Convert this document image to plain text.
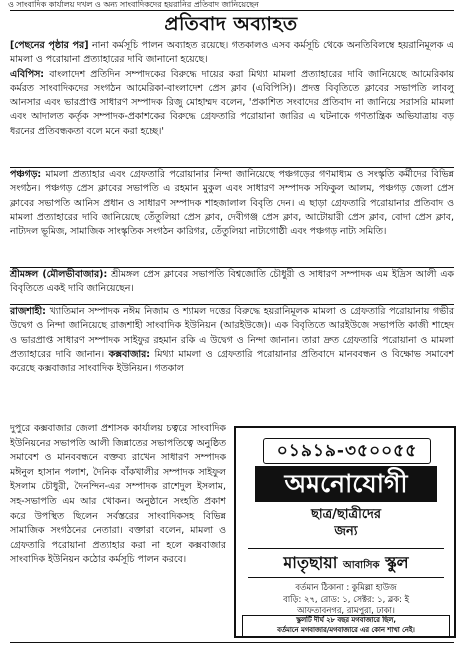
ও সাংবাদিক কার্যালয় দখল ও অন্য সাংবাদিকদের হয়রানির প্রতিবাদ জানিয়েছেন
প্রতিবাদ অব্যাহত

[পেছনের পৃষ্ঠার পর] নানা কর্মসূচি পালন অব্যাহত রয়েছে। গতকালও এসব কর্মসূচি থেকে অনতিবিলম্বে হয়রানিমূলক এ মামলা ও পরোয়ানা প্রত্যাহারের দাবি জানানো হয়েছে।

এবিপিস: বাংলাদেশ প্রতিদিন সম্পাদকের বিরুদ্ধে দায়ের করা মিথ্যা মামলা প্রত্যাহারের দাবি জানিয়েছে আমেরিকায় কর্মরত সাংবাদিকদের সংগঠন আমেরিকা-বাংলাদেশ প্রেস ক্লাব (এবিপিসি)। প্রদত্ত বিবৃতিতে ক্লাবের সভাপতি লাবলু আনসার এবং ভারপ্রাপ্ত সাধারণ সম্পাদক রিজু মোহাম্মদ বলেন, 'প্রকাশিত সংবাদের প্রতিবাদ না জানিয়ে সরাসরি মামলা এবং আদালত কর্তৃক সম্পাদক-প্রকাশকের বিরুদ্ধে গ্রেফতারি পরোয়ানা জারির এ ঘটনাকে গণতান্ত্রিক অভিযাত্রায় বড় ধরনের প্রতিবন্ধকতা বলে মনে করা হচ্ছে।'

পঞ্চগড়: মামলা প্রত্যাহার এবং গ্রেফতারি পরোয়ানার নিন্দা জানিয়েছে পঞ্চগড়ের গণমাধ্যম ও সংস্কৃতি কর্মীদের বিভিন্ন সংগঠন। পঞ্চগড় প্রেস ক্লাবের সভাপতি এ রহমান মুকুল এবং সাধারণ সম্পাদক সফিকুল আলম, পঞ্চগড় জেলা প্রেস ক্লাবের সভাপতি আনিস প্রধান ও সাধারণ সম্পাদক শাহজালাল বিবৃতি দেন। এ ছাড়া গ্রেফতারি পরোয়ানার প্রতিবাদ ও মামলা প্রত্যাহারের দাবি জানিয়েছে তেঁতুলিয়া প্রেস ক্লাব, দেবীগঞ্জ প্রেস ক্লাব, আটোয়ারী প্রেস ক্লাব, বোদা প্রেস ক্লাব, নাট্যদল ভূমিজ, সামাজিক সাংস্কৃতিক সংগঠন কারিগর, তেঁতুলিয়া নাট্যগোষ্ঠী এবং পঞ্চগড় নাট্য সমিতি।

শ্রীমঙ্গল (মৌলভীবাজার): শ্রীমঙ্গল প্রেস ক্লাবের সভাপতি বিশ্বজোতি চৌধুরী ও সাধারণ সম্পাদক এম ইদ্রিস আলী এক বিবৃতিতে একই দাবি জানিয়েছেন।

রাজশাহী: খ্যাতিমান সম্পাদক নঈম নিজাম ও শ্যামল দত্তের বিরুদ্ধে হয়রানিমূলক মামলা ও গ্রেফতারি পরোয়ানায় গভীর উদ্বেগ ও নিন্দা জানিয়েছে রাজশাহী সাংবাদিক ইউনিয়ন (আরইউজে)। এক বিবৃতিতে আরইউজে সভাপতি কাজী শাহেদ ও ভারপ্রাপ্ত সাধারণ সম্পাদক সাইফুর রহমান রকি এ উদ্বেগ ও নিন্দা জানান। তারা দ্রুত গ্রেফতারি পরোয়ানা ও মামলা প্রত্যাহারের দাবি জানান। কক্সবাজার: মিথ্যা মামলা ও গ্রেফতারি পরোয়ানার প্রতিবাদে মানববন্ধন ও বিক্ষোভ সমাবেশ করেছে কক্সবাজার সাংবাদিক ইউনিয়ন। গতকাল

দুপুরে কক্সবাজার জেলা প্রশাসক কার্যালয় চত্বরে সাংবাদিক ইউনিয়নের সভাপতি আলী জিন্নাতের সভাপতিত্বে অনুষ্ঠিত সমাবেশ ও মানববন্ধনে বক্তব্য রাখেন সাধারণ সম্পাদক মঈনুল হাসান পলাশ, দৈনিক বাঁকখালীর সম্পাদক সাইফুল ইসলাম চৌধুরী, দৈনন্দিন-এর সম্পাদক রাশেদুল ইসলাম, সহ-সভাপতি এম আর খোকন। অনুষ্ঠানে সংহতি প্রকাশ করে উপস্থিত ছিলেন সর্বস্তরের সাংবাদিকসহ বিভিন্ন সামাজিক সংগঠনের নেতারা। বক্তারা বলেন, মামলা ও গ্রেফতারি পরোয়ানা প্রত্যাহার করা না হলে কক্সবাজার সাংবাদিক ইউনিয়ন কঠোর কর্মসূচি পালন করবে।

০১৯১৯-৩৫০০৫৫
অমনোযোগী
ছাত্র/ছাত্রীদের
জন্য
মাতৃছায়া আবাসিক স্কুল
বর্তমান ঠিকানা : কুমিল্লা হাউজ
বাড়ি: ২৭, রোড: ১, সেক্টর: ১, ব্লক: ই
আফতাবনগর, রামপুরা, ঢাকা।
স্কুলটি দীর্ঘ ২৮ বছর মগবাজারে ছিল,
বর্তমানে মগবাজার/মগবাজারে এর কোন শাখা নেই।
